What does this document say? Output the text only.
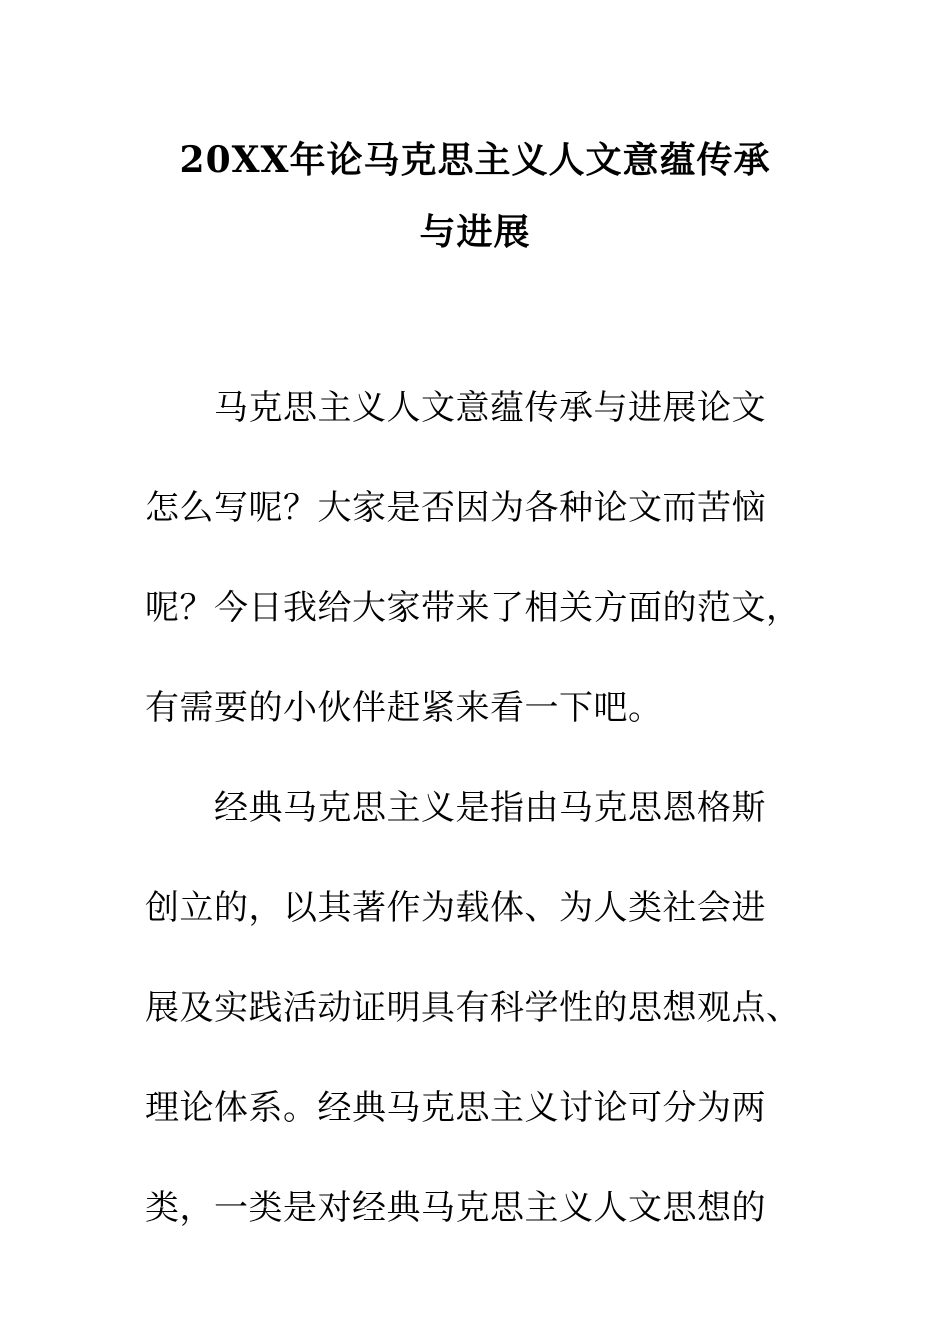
20XX年论马克思主义人文意蕴传承
与进展
马克思主义人文意蕴传承与进展论文
怎么写呢？大家是否因为各种论文而苦恼
呢？今日我给大家带来了相关方面的范文，
有需要的小伙伴赶紧来看一下吧。
经典马克思主义是指由马克思恩格斯
创立的，以其著作为载体、为人类社会进
展及实践活动证明具有科学性的思想观点、
理论体系。经典马克思主义讨论可分为两
类，一类是对经典马克思主义人文思想的
